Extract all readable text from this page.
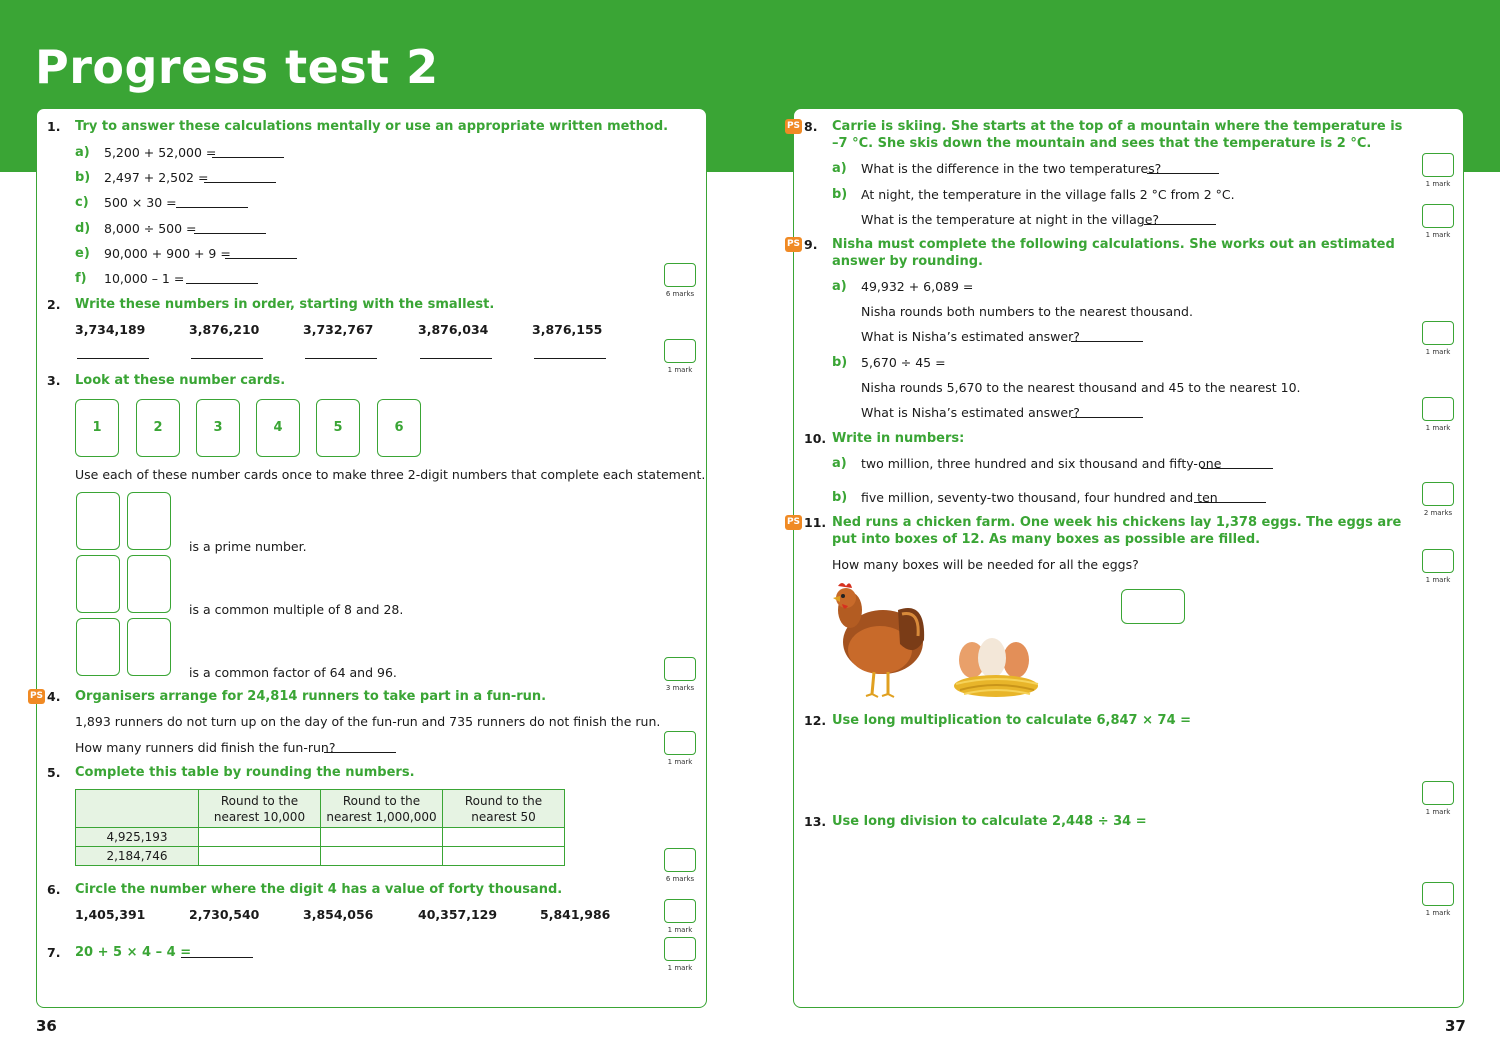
Progress test 2
1. Try to answer these calculations mentally or use an appropriate written method.
a) 5,200 + 52,000 =
b) 2,497 + 2,502 =
c) 500 × 30 =
d) 8,000 ÷ 500 =
e) 90,000 + 900 + 9 =
f) 10,000 – 1 =
6 marks
2. Write these numbers in order, starting with the smallest.
3,734,189	3,876,210	3,732,767	3,876,034	3,876,155
1 mark
3. Look at these number cards.
1	2	3	4	5	6
Use each of these number cards once to make three 2-digit numbers that complete each statement.
is a prime number.
is a common multiple of 8 and 28.
is a common factor of 64 and 96.
3 marks
PS 4. Organisers arrange for 24,814 runners to take part in a fun-run.
1,893 runners do not turn up on the day of the fun-run and 735 runners do not finish the run.
How many runners did finish the fun-run?
1 mark
5. Complete this table by rounding the numbers.
	Round to the nearest 10,000	Round to the nearest 1,000,000	Round to the nearest 50
4,925,193			
2,184,746			
6 marks
6. Circle the number where the digit 4 has a value of forty thousand.
1,405,391	2,730,540	3,854,056	40,357,129	5,841,986
1 mark
7. 20 + 5 × 4 – 4 =
1 mark
PS 8. Carrie is skiing. She starts at the top of a mountain where the temperature is
–7 °C. She skis down the mountain and sees that the temperature is 2 °C.
a) What is the difference in the two temperatures?
1 mark
b) At night, the temperature in the village falls 2 °C from 2 °C.
What is the temperature at night in the village?
1 mark
PS 9. Nisha must complete the following calculations. She works out an estimated
answer by rounding.
a) 49,932 + 6,089 =
Nisha rounds both numbers to the nearest thousand.
What is Nisha’s estimated answer?
1 mark
b) 5,670 ÷ 45 =
Nisha rounds 5,670 to the nearest thousand and 45 to the nearest 10.
What is Nisha’s estimated answer?
1 mark
10. Write in numbers:
a) two million, three hundred and six thousand and fifty-one
b) five million, seventy-two thousand, four hundred and ten
2 marks
PS 11. Ned runs a chicken farm. One week his chickens lay 1,378 eggs. The eggs are
put into boxes of 12. As many boxes as possible are filled.
How many boxes will be needed for all the eggs?
1 mark
12. Use long multiplication to calculate 6,847 × 74 =
1 mark
13. Use long division to calculate 2,448 ÷ 34 =
1 mark
36	37
